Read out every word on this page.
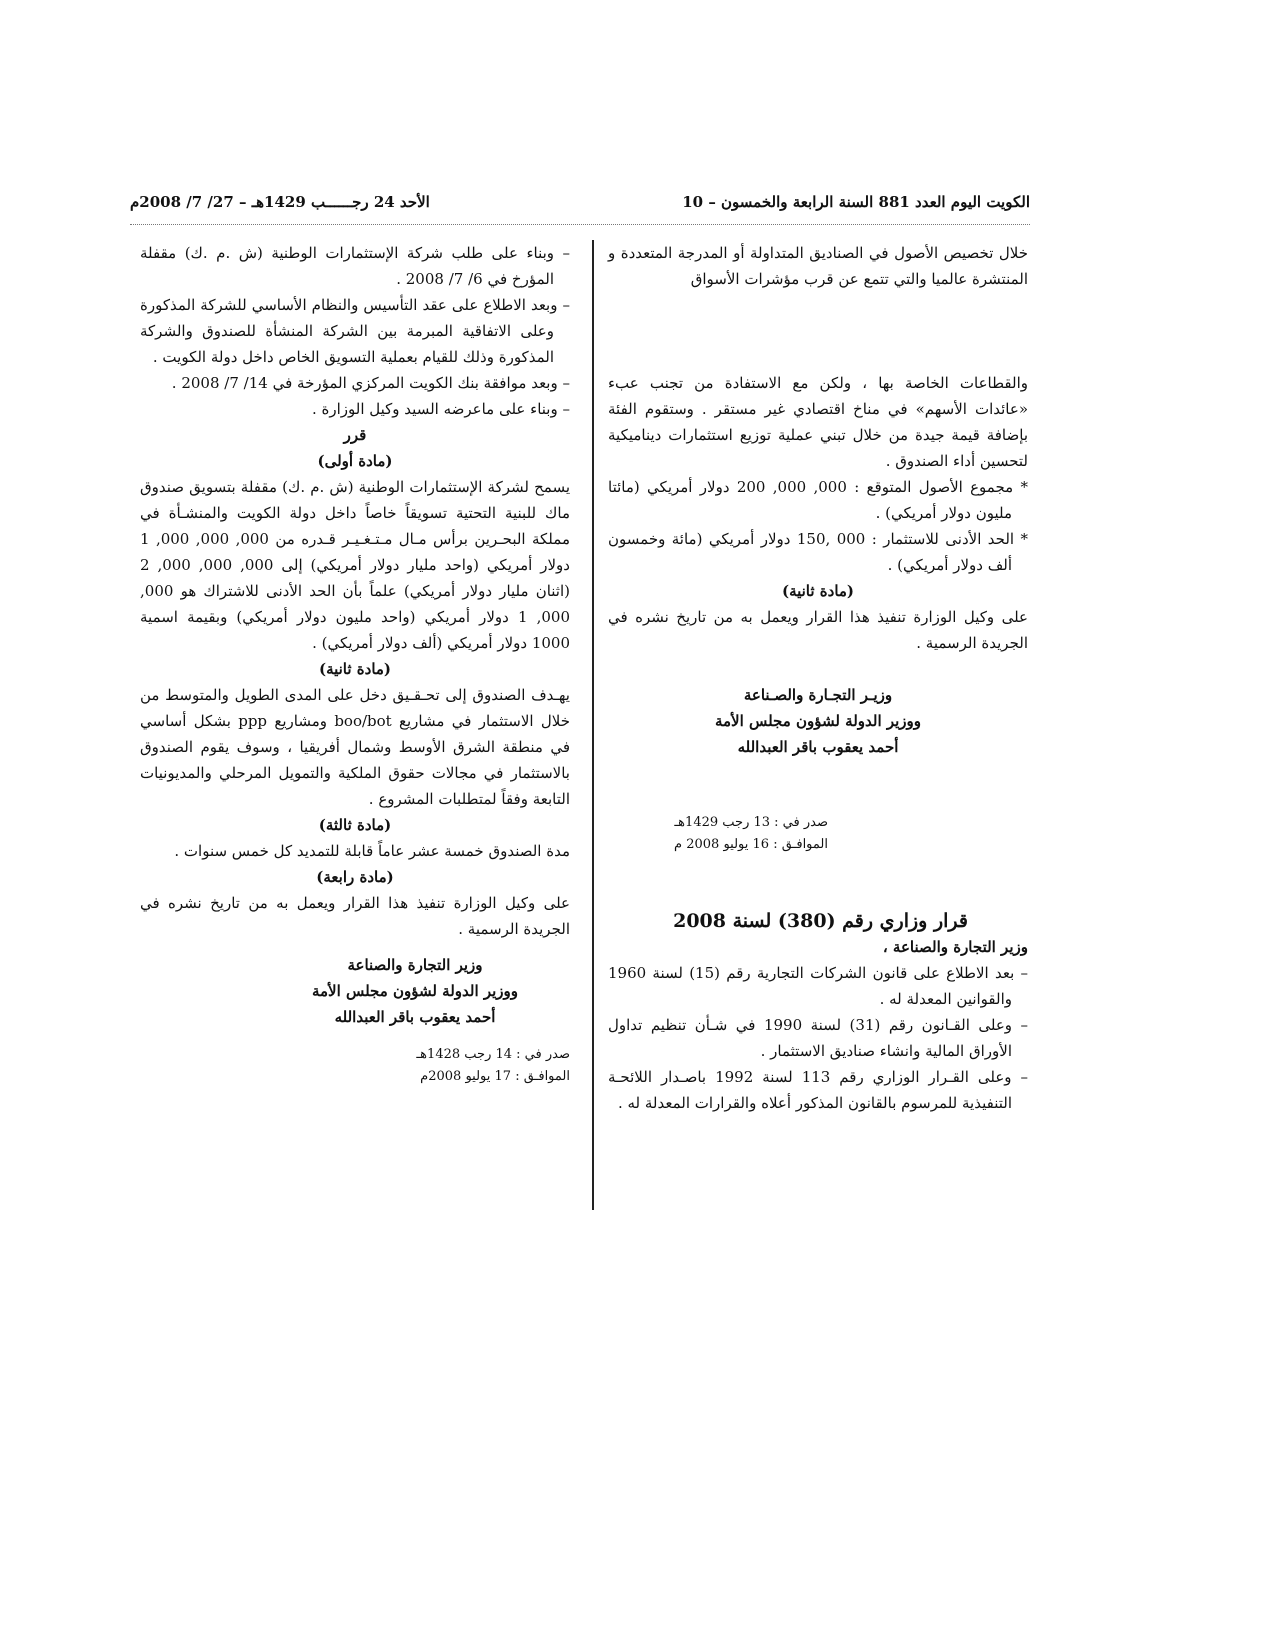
الكويت اليوم العدد 881 السنة الرابعة والخمسون – 10
الأحد 24 رجــــــب 1429هـ – 27/ 7/ 2008م

خلال تخصيص الأصول في الصناديق المتداولة أو المدرجة المتعددة و المنتشرة عالميا والتي تتمع عن قرب مؤشرات الأسواق

والقطاعات الخاصة بها ، ولكن مع الاستفادة من تجنب عبء «عائدات الأسهم» في مناخ اقتصادي غير مستقر . وستقوم الفئة بإضافة قيمة جيدة من خلال تبني عملية توزيع استثمارات ديناميكية لتحسين أداء الصندوق .

* مجموع الأصول المتوقع : 000, 000, 200 دولار أمريكي (مائتا مليون دولار أمريكي) .

* الحد الأدنى للاستثمار : 000 ,150 دولار أمريكي (مائة وخمسون ألف دولار أمريكي) .

(مادة ثانية)

على وكيل الوزارة تنفيذ هذا القرار ويعمل به من تاريخ نشره في الجريدة الرسمية .

وزيـر التجـارة والصـناعة

ووزير الدولة لشؤون مجلس الأمة

أحمد يعقوب باقر العبدالله

صدر في : 13 رجب 1429هـ

الموافـق : 16 يوليو 2008 م

قرار وزاري رقم (380) لسنة 2008

وزير التجارة والصناعة ،

– بعد الاطلاع على قانون الشركات التجارية رقم (15) لسنة 1960 والقوانين المعدلة له .

– وعلى القـانون رقم (31) لسنة 1990 في شـأن تنظيم تداول الأوراق المالية وانشاء صناديق الاستثمار .

– وعلى القـرار الوزاري رقم 113 لسنة 1992 باصـدار اللائحـة التنفيذية للمرسوم بالقانون المذكور أعلاه والقرارات المعدلة له .

– وبناء على طلب شركة الإستثمارات الوطنية (ش .م .ك) مقفلة المؤرخ في 6/ 7/ 2008 .

– وبعد الاطلاع على عقد التأسيس والنظام الأساسي للشركة المذكورة وعلى الاتفاقية المبرمة بين الشركة المنشأة للصندوق والشركة المذكورة وذلك للقيام بعملية التسويق الخاص داخل دولة الكويت .

– وبعد موافقة بنك الكويت المركزي المؤرخة في 14/ 7/ 2008 .

– وبناء على ماعرضه السيد وكيل الوزارة .

قرر

(مادة أولى)

يسمح لشركة الإستثمارات الوطنية (ش .م .ك) مقفلة بتسويق صندوق ماك للبنية التحتية تسويقاً خاصاً داخل دولة الكويت والمنشـأة في مملكة البحـرين برأس مـال مـتـغـيـر قـدره من 000, 000, 000, 1 دولار أمريكي (واحد مليار دولار أمريكي) إلى 000, 000, 000, 2 (اثنان مليار دولار أمريكي) علماً بأن الحد الأدنى للاشتراك هو 000, 000, 1 دولار أمريكي (واحد مليون دولار أمريكي) وبقيمة اسمية 1000 دولار أمريكي (ألف دولار أمريكي) .

(مادة ثانية)

يهـدف الصندوق إلى تحـقـيق دخل على المدى الطويل والمتوسط من خلال الاستثمار في مشاريع boo/bot ومشاريع ppp بشكل أساسي في منطقة الشرق الأوسط وشمال أفريقيا ، وسوف يقوم الصندوق بالاستثمار في مجالات حقوق الملكية والتمويل المرحلي والمديونيات التابعة وفقاً لمتطلبات المشروع .

(مادة ثالثة)

مدة الصندوق خمسة عشر عاماً قابلة للتمديد كل خمس سنوات .

(مادة رابعة)

على وكيل الوزارة تنفيذ هذا القرار ويعمل به من تاريخ نشره في الجريدة الرسمية .

وزير التجارة والصناعة

ووزير الدولة لشؤون مجلس الأمة

أحمد يعقوب باقر العبدالله

صدر في : 14 رجب 1428هـ

الموافـق : 17 يوليو 2008م
